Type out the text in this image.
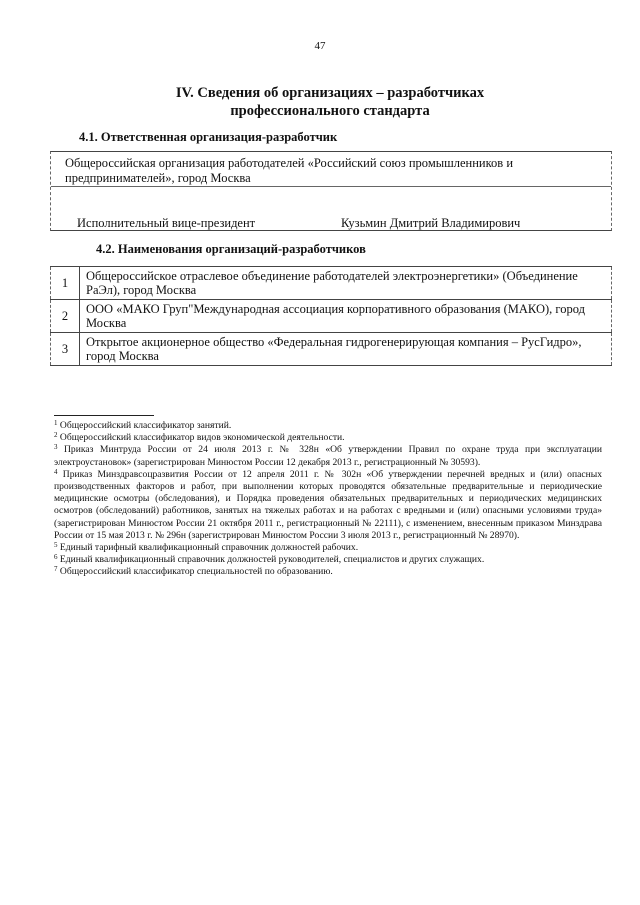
47
IV. Сведения об организациях – разработчиках
профессионального стандарта
4.1. Ответственная организация-разработчик
Общероссийская организация работодателей «Российский союз промышленников и предпринимателей», город Москва
Исполнительный вице-президент	Кузьмин Дмитрий Владимирович
4.2. Наименования организаций-разработчиков
1	Общероссийское отраслевое объединение работодателей электроэнергетики» (Объединение РаЭл), город Москва
2	ООО «МАКО Груп"Международная ассоциация корпоративного образования (МАКО), город Москва
3	Открытое акционерное общество «Федеральная гидрогенерирующая компания – РусГидро», город Москва

$^1$ Общероссийский классификатор занятий.

$^2$ Общероссийский классификатор видов экономической деятельности.

$^3$ Приказ Минтруда России от 24 июля 2013 г. № 328н «Об утверждении Правил по охране труда при эксплуатации электроустановок» (зарегистрирован Минюстом России 12 декабря 2013 г., регистрационный № 30593).

$^4$ Приказ Минздравсоцразвития России от 12 апреля 2011 г. № 302н «Об утверждении перечней вредных и (или) опасных производственных факторов и работ, при выполнении которых проводятся обязательные предварительные и периодические медицинские осмотры (обследования), и Порядка проведения обязательных предварительных и периодических медицинских осмотров (обследований) работников, занятых на тяжелых работах и на работах с вредными и (или) опасными условиями труда» (зарегистрирован Минюстом России 21 октября 2011 г., регистрационный № 22111), с изменением, внесенным приказом Минздрава России от 15 мая 2013 г. № 296н (зарегистрирован Минюстом России 3 июля 2013 г., регистрационный № 28970).

$^5$ Единый тарифный квалификационный справочник должностей рабочих.

$^6$ Единый квалификационный справочник должностей руководителей, специалистов и других служащих.

$^7$ Общероссийский классификатор специальностей по образованию.
